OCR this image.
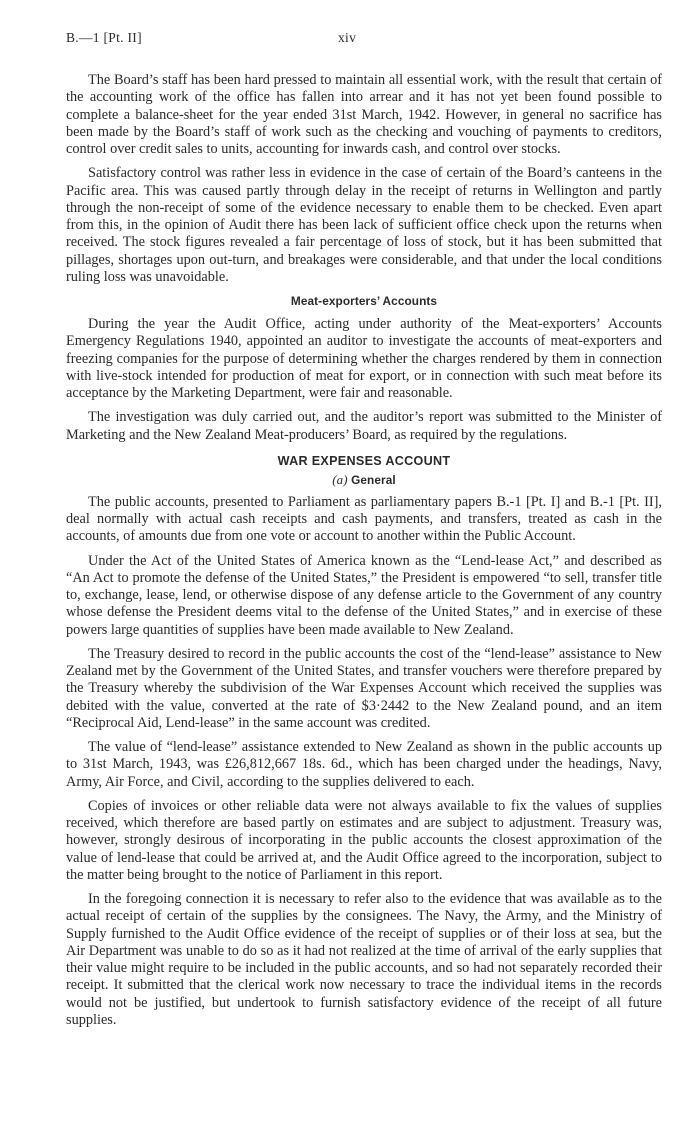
B.—1 [Pt. II]	xiv

The Board’s staff has been hard pressed to maintain all essential work, with the result that certain of the accounting work of the office has fallen into arrear and it has not yet been found possible to complete a balance-sheet for the year ended 31st March, 1942. However, in general no sacrifice has been made by the Board’s staff of work such as the checking and vouching of payments to creditors, control over credit sales to units, accounting for inwards cash, and control over stocks.

Satisfactory control was rather less in evidence in the case of certain of the Board’s canteens in the Pacific area. This was caused partly through delay in the receipt of returns in Wellington and partly through the non-receipt of some of the evidence necessary to enable them to be checked. Even apart from this, in the opinion of Audit there has been lack of sufficient office check upon the returns when received. The stock figures revealed a fair percentage of loss of stock, but it has been submitted that pillages, shortages upon out-turn, and breakages were considerable, and that under the local conditions ruling loss was unavoidable.

Meat-exporters’ Accounts

During the year the Audit Office, acting under authority of the Meat-exporters’ Accounts Emergency Regulations 1940, appointed an auditor to investigate the accounts of meat-exporters and freezing companies for the purpose of determining whether the charges rendered by them in connection with live-stock intended for production of meat for export, or in connection with such meat before its acceptance by the Marketing Department, were fair and reasonable.

The investigation was duly carried out, and the auditor’s report was submitted to the Minister of Marketing and the New Zealand Meat-producers’ Board, as required by the regulations.

WAR EXPENSES ACCOUNT
(a) General

The public accounts, presented to Parliament as parliamentary papers B.-1 [Pt. I] and B.-1 [Pt. II], deal normally with actual cash receipts and cash payments, and transfers, treated as cash in the accounts, of amounts due from one vote or account to another within the Public Account.

Under the Act of the United States of America known as the “Lend-lease Act,” and described as “An Act to promote the defense of the United States,” the President is empowered “to sell, transfer title to, exchange, lease, lend, or otherwise dispose of any defense article to the Government of any country whose defense the President deems vital to the defense of the United States,” and in exercise of these powers large quantities of supplies have been made available to New Zealand.

The Treasury desired to record in the public accounts the cost of the “lend-lease” assistance to New Zealand met by the Government of the United States, and transfer vouchers were therefore prepared by the Treasury whereby the subdivision of the War Expenses Account which received the supplies was debited with the value, converted at the rate of $3·2442 to the New Zealand pound, and an item “Reciprocal Aid, Lend-lease” in the same account was credited.

The value of “lend-lease” assistance extended to New Zealand as shown in the public accounts up to 31st March, 1943, was £26,812,667 18s. 6d., which has been charged under the headings, Navy, Army, Air Force, and Civil, according to the supplies delivered to each.

Copies of invoices or other reliable data were not always available to fix the values of supplies received, which therefore are based partly on estimates and are subject to adjustment. Treasury was, however, strongly desirous of incorporating in the public accounts the closest approximation of the value of lend-lease that could be arrived at, and the Audit Office agreed to the incorporation, subject to the matter being brought to the notice of Parliament in this report.

In the foregoing connection it is necessary to refer also to the evidence that was available as to the actual receipt of certain of the supplies by the consignees. The Navy, the Army, and the Ministry of Supply furnished to the Audit Office evidence of the receipt of supplies or of their loss at sea, but the Air Department was unable to do so as it had not realized at the time of arrival of the early supplies that their value might require to be included in the public accounts, and so had not separately recorded their receipt. It submitted that the clerical work now necessary to trace the individual items in the records would not be justified, but undertook to furnish satisfactory evidence of the receipt of all future supplies.
